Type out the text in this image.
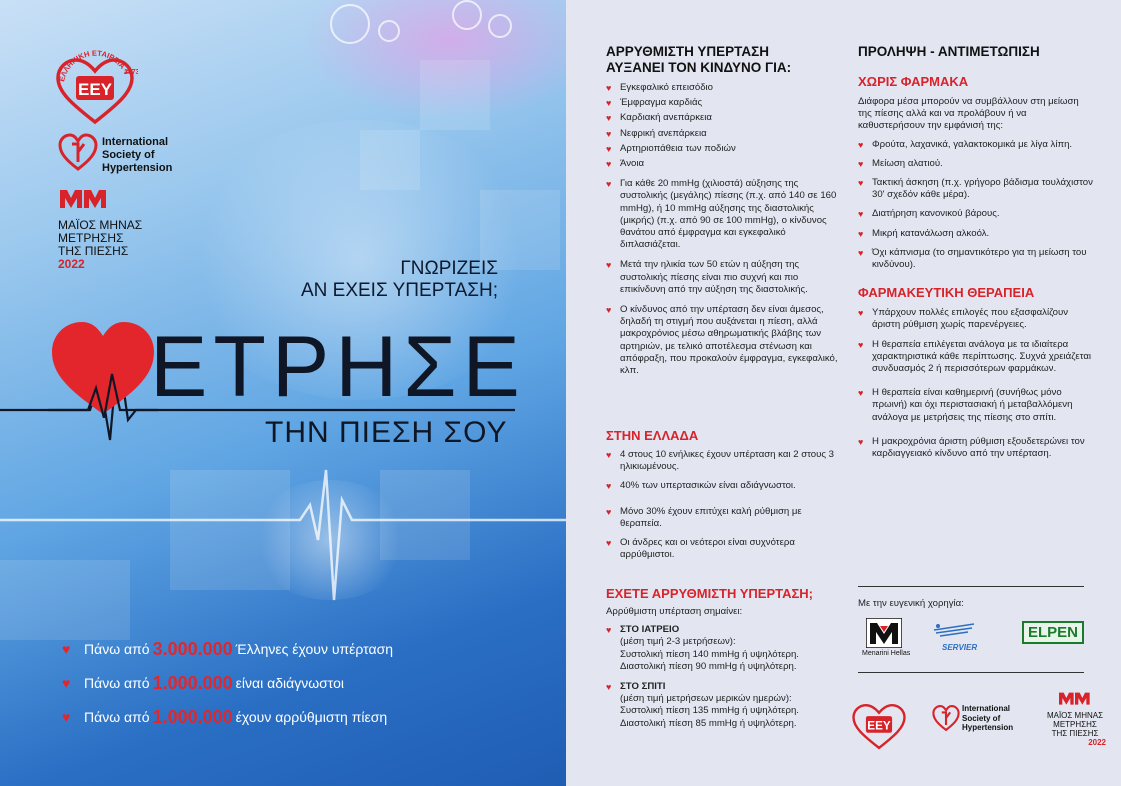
ΕΛΛΗΝΙΚΗ ΕΤΑΙΡΕΙΑ Υ
EEY
1973
International
Society of
Hypertension
ΜΑΪΟΣ ΜΗΝΑΣ
ΜΕΤΡΗΣΗΣ
ΤΗΣ ΠΙΕΣΗΣ
2022	ΓΝΩΡΙΖΕΙΣ
ΑΝ ΕΧΕΙΣ ΥΠΕΡΤΑΣΗ;
ΕΤΡΗΣΕ
ΤΗΝ ΠΙΕΣΗ ΣΟΥ
♥ Πάνω από 3.000.000 Έλληνες έχουν υπέρταση
♥ Πάνω από 1.000.000 είναι αδιάγνωστοι
♥ Πάνω από 1.000.000 έχουν αρρύθμιστη πίεση
ΑΡΡΥΘΜΙΣΤΗ ΥΠΕΡΤΑΣΗ
ΑΥΞΑΝΕΙ ΤΟΝ ΚΙΝΔΥΝΟ ΓΙΑ:
♥ Εγκεφαλικό επεισόδιο
♥ Έμφραγμα καρδιάς
♥ Καρδιακή ανεπάρκεια
♥ Νεφρική ανεπάρκεια
♥ Αρτηριοπάθεια των ποδιών
♥ Άνοια
♥ Για κάθε 20 mmHg (χιλιοστά) αύξησης της συστολικής (μεγάλης) πίεσης (π.χ. από 140 σε 160 mmHg), ή 10 mmHg αύξησης της διαστολικής (μικρής) (π.χ. από 90 σε 100 mmHg), ο κίνδυνος θανάτου από έμφραγμα και εγκεφαλικό διπλασιάζεται.
♥ Μετά την ηλικία των 50 ετών η αύξηση της συστολικής πίεσης είναι πιο συχνή και πιο επικίνδυνη από την αύξηση της διαστολικής.
♥ Ο κίνδυνος από την υπέρταση δεν είναι άμεσος, δηλαδή τη στιγμή που αυξάνεται η πίεση, αλλά μακροχρόνιος μέσω αθηρωματικής βλάβης των αρτηριών, με τελικό αποτέλεσμα στένωση και απόφραξη, που προκαλούν έμφραγμα, εγκεφαλικό, κλπ.
ΣΤΗΝ ΕΛΛΑΔΑ
♥ 4 στους 10 ενήλικες έχουν υπέρταση και 2 στους 3 ηλικιωμένους.
♥ 40% των υπερτασικών είναι αδιάγνωστοι.
♥ Μόνο 30% έχουν επιτύχει καλή ρύθμιση με θεραπεία.
♥ Οι άνδρες και οι νεότεροι είναι συχνότερα αρρύθμιστοι.
ΕΧΕΤΕ ΑΡΡΥΘΜΙΣΤΗ ΥΠΕΡΤΑΣΗ;

Αρρύθμιστη υπέρταση σημαίνει:

♥ ΣΤΟ ΙΑΤΡΕΙΟ
(μέση τιμή 2-3 μετρήσεων):
Συστολική πίεση 140 mmHg ή υψηλότερη.
Διαστολική πίεση 90 mmHg ή υψηλότερη.
♥ ΣΤΟ ΣΠΙΤΙ
(μέση τιμή μετρήσεων μερικών ημερών):
Συστολική πίεση 135 mmHg ή υψηλότερη.
Διαστολική πίεση 85 mmHg ή υψηλότερη.
ΠΡΟΛΗΨΗ - ΑΝΤΙΜΕΤΩΠΙΣΗ
ΧΩΡΙΣ ΦΑΡΜΑΚΑ

Διάφορα μέσα μπορούν να συμβάλλουν στη μείωση της πίεσης αλλά και να προλάβουν ή να καθυστερήσουν την εμφάνισή της:

♥ Φρούτα, λαχανικά, γαλακτοκομικά με λίγα λίπη.
♥ Μείωση αλατιού.
♥ Τακτική άσκηση (π.χ. γρήγορο βάδισμα τουλάχιστον 30' σχεδόν κάθε μέρα).
♥ Διατήρηση κανονικού βάρους.
♥ Μικρή κατανάλωση αλκοόλ.
♥ Όχι κάπνισμα (το σημαντικότερο για τη μείωση του κινδύνου).
ΦΑΡΜΑΚΕΥΤΙΚΗ ΘΕΡΑΠΕΙΑ
♥ Υπάρχουν πολλές επιλογές που εξασφαλίζουν άριστη ρύθμιση χωρίς παρενέργειες.
♥ Η θεραπεία επιλέγεται ανάλογα με τα ιδιαίτερα χαρακτηριστικά κάθε περίπτωσης. Συχνά χρειάζεται συνδυασμός 2 ή περισσότερων φαρμάκων.
♥ Η θεραπεία είναι καθημερινή (συνήθως μόνο πρωινή) και όχι περιστασιακή ή μεταβαλλόμενη ανάλογα με μετρήσεις της πίεσης στο σπίτι.
♥ Η μακροχρόνια άριστη ρύθμιση εξουδετερώνει τον καρδιαγγειακό κίνδυνο από την υπέρταση.
Με την ευγενική χορηγία:
Menarini Hellas
SERVIER
ELPEN
EEY
International
Society of
Hypertension
ΜΑΪΟΣ ΜΗΝΑΣ
ΜΕΤΡΗΣΗΣ
ΤΗΣ ΠΙΕΣΗΣ
2022
